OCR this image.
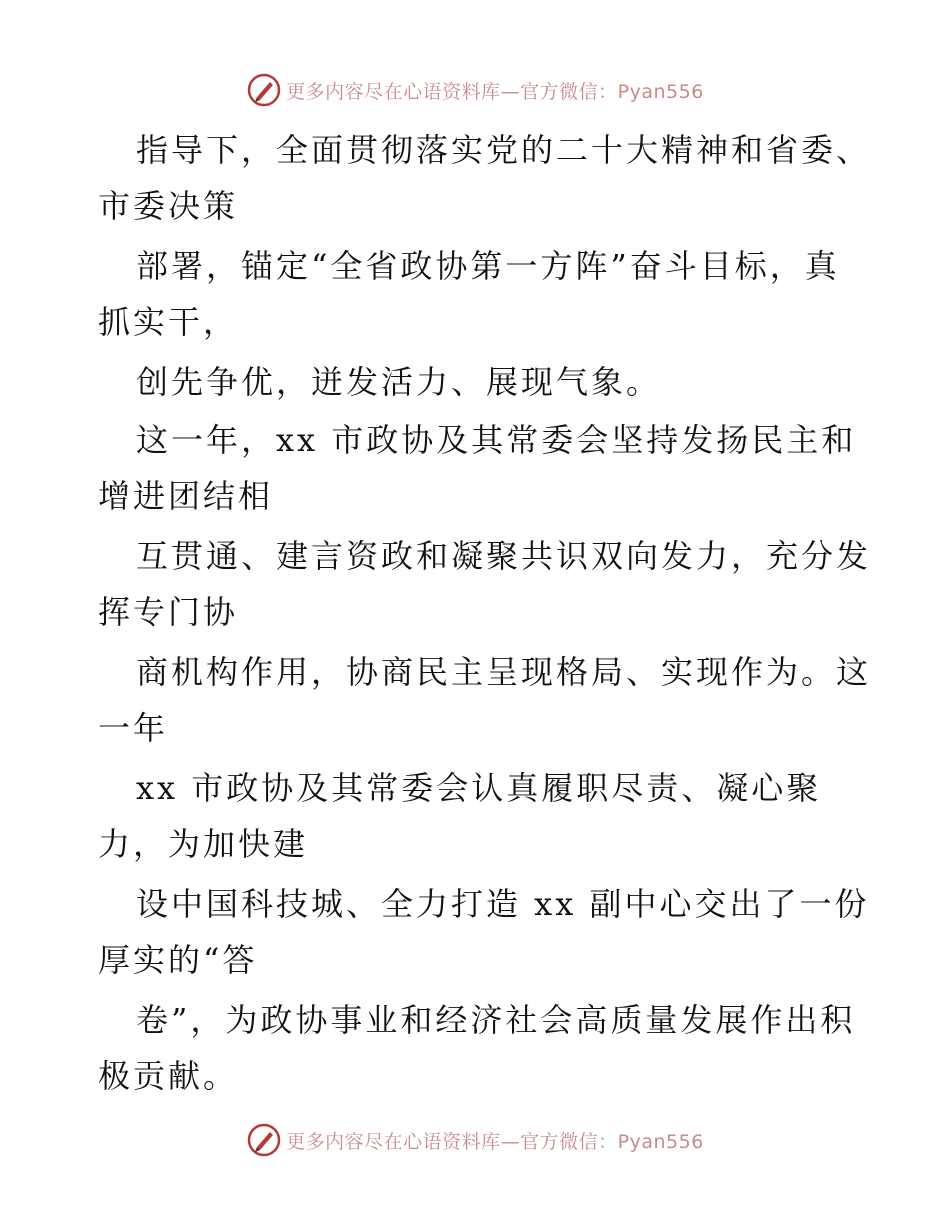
更多内容尽在心语资料库—官方微信：Pyan556
指导下，全面贯彻落实党的二十大精神和省委、
市委决策
部署，锚定“全省政协第一方阵”奋斗目标，真
抓实干，
创先争优，迸发活力、展现气象。
这一年，xx 市政协及其常委会坚持发扬民主和
增进团结相
互贯通、建言资政和凝聚共识双向发力，充分发
挥专门协
商机构作用，协商民主呈现格局、实现作为。这
一年
xx 市政协及其常委会认真履职尽责、凝心聚
力，为加快建
设中国科技城、全力打造 xx 副中心交出了一份
厚实的“答
卷”，为政协事业和经济社会高质量发展作出积
极贡献。
更多内容尽在心语资料库—官方微信：Pyan556
